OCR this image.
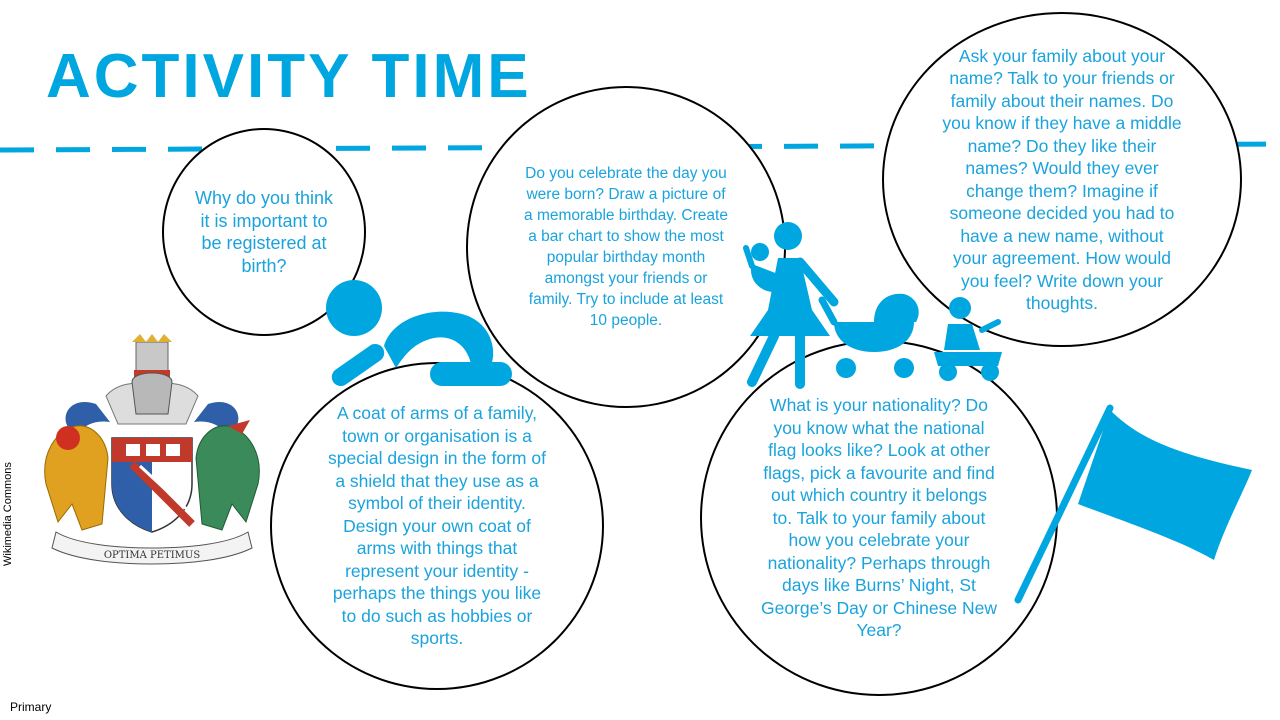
ACTIVITY TIME

Why do you think it is important to be registered at birth?

Do you celebrate the day you were born? Draw a picture of a memorable birthday. Create a bar chart to show the most popular birthday month amongst your friends or family. Try to include at least 10 people.

Ask your family about your name? Talk to your friends or family about their names. Do you know if they have a middle name? Do they like their names? Would they ever change them? Imagine if someone decided you had to have a new name, without your agreement. How would you feel? Write down your thoughts.

A coat of arms of a family, town or organisation is a special design in the form of a shield that they use as a symbol of their identity. Design your own coat of arms with things that represent your identity - perhaps the things you like to do such as hobbies or sports.

What is your nationality? Do you know what the national flag looks like? Look at other flags, pick a favourite and find out which country it belongs to. Talk to your family about how you celebrate your nationality? Perhaps through days like Burns’ Night, St George’s Day or Chinese New Year?

OPTIMA PETIMUS
Wikimedia Commons
Primary
